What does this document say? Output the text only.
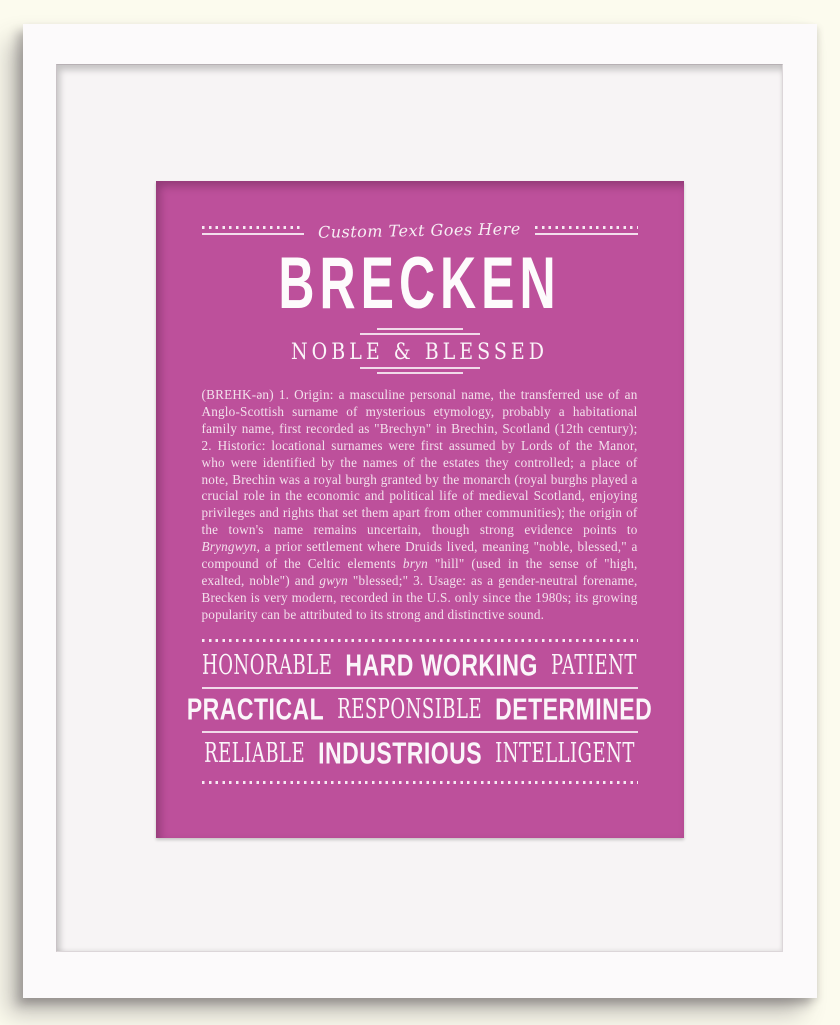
Custom Text Goes Here
BRECKEN
NOBLE & BLESSED

(BREHK-ən) 1. Origin: a masculine personal name, the transferred use of an Anglo-Scottish surname of mysterious etymology, probably a habitational family name, first recorded as "Brechyn" in Brechin, Scotland (12th century); 2. Historic: locational surnames were first assumed by Lords of the Manor, who were identified by the names of the estates they controlled; a place of note, Brechin was a royal burgh granted by the monarch (royal burghs played a crucial role in the economic and political life of medieval Scotland, enjoying privileges and rights that set them apart from other communities); the origin of the town's name remains uncertain, though strong evidence points to Bryngwyn, a prior settlement where Druids lived, meaning "noble, blessed," a compound of the Celtic elements bryn "hill" (used in the sense of "high, exalted, noble") and gwyn "blessed;" 3. Usage: as a gender-neutral forename, Brecken is very modern, recorded in the U.S. only since the 1980s; its growing popularity can be attributed to its strong and distinctive sound.

HONORABLE HARD WORKING PATIENT
PRACTICAL RESPONSIBLE DETERMINED
RELIABLE INDUSTRIOUS INTELLIGENT
